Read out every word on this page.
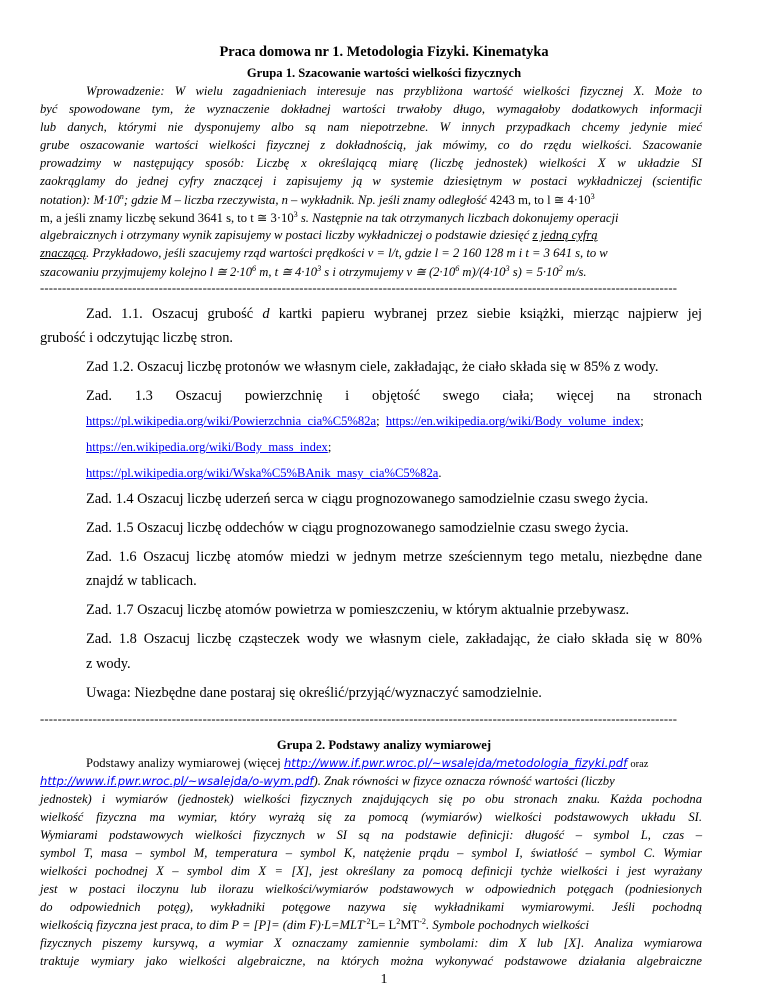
Praca domowa nr 1. Metodologia Fizyki. Kinematyka
Grupa 1. Szacowanie wartości wielkości fizycznych
Wprowadzenie: W wielu zagadnieniach interesuje nas przybliżona wartość wielkości fizycznej X. Może to
być spowodowane tym, że wyznaczenie dokładnej wartości trwałoby długo, wymagałoby dodatkowych informacji
lub danych, którymi nie dysponujemy albo są nam niepotrzebne. W innych przypadkach chcemy jedynie mieć
grube oszacowanie wartości wielkości fizycznej z dokładnością, jak mówimy, co do rzędu wielkości. Szacowanie
prowadzimy w następujący sposób: Liczbę x określającą miarę (liczbę jednostek) wielkości X w układzie SI
zaokrąglamy do jednej cyfry znaczącej i zapisujemy ją w systemie dziesiętnym w postaci wykładniczej (scientific
notation): $M\cdot 10^n$; gdzie M – liczba rzeczywista, n – wykładnik. Np. jeśli znamy odległość 4243 m, to l ≅ $4\cdot 10^3$
m, a jeśli znamy liczbę sekund 3641 s, to t ≅ $3\cdot 10^3$ s. Następnie na tak otrzymanych liczbach dokonujemy operacji
algebraicznych i otrzymany wynik zapisujemy w postaci liczby wykładniczej o podstawie dziesięć z jedną cyfrą
znaczącą. Przykładowo, jeśli szacujemy rząd wartości prędkości v = l/t, gdzie l = 2 160 128 m i t = 3 641 s, to w
szacowaniu przyjmujemy kolejno l ≅ $2\cdot 10^6$ m, t ≅ $4\cdot 10^3$ s i otrzymujemy v ≅ ($2\cdot 10^6$ $m)/(4\cdot 10^3$ $s) = 5\cdot 10^2$ m/s.
-------------------------------------------------------------------------------------------------------------------------------------------------
Zad. 1.1. Oszacuj grubość d kartki papieru wybranej przez siebie książki, mierząc najpierw jej
grubość i odczytując liczbę stron.
Zad 1.2. Oszacuj liczbę protonów we własnym ciele, zakładając, że ciało składa się w 85% z wody.
Zad. 1.3 Oszacuj powierzchnię i objętość swego ciała; więcej na stronach
https://pl.wikipedia.org/wiki/Powierzchnia_cia%C5%82a;  https://en.wikipedia.org/wiki/Body_volume_index;
https://en.wikipedia.org/wiki/Body_mass_index;
https://pl.wikipedia.org/wiki/Wska%C5%BAnik_masy_cia%C5%82a.
Zad. 1.4 Oszacuj liczbę uderzeń serca w ciągu prognozowanego samodzielnie czasu swego życia.
Zad. 1.5 Oszacuj liczbę oddechów w ciągu prognozowanego samodzielnie czasu swego życia.
Zad. 1.6 Oszacuj liczbę atomów miedzi w jednym metrze sześciennym tego metalu, niezbędne dane
znajdź w tablicach.
Zad. 1.7 Oszacuj liczbę atomów powietrza w pomieszczeniu, w którym aktualnie przebywasz.
Zad. 1.8 Oszacuj liczbę cząsteczek wody we własnym ciele, zakładając, że ciało składa się w 80%
z wody.
Uwaga: Niezbędne dane postaraj się określić/przyjąć/wyznaczyć samodzielnie.
-------------------------------------------------------------------------------------------------------------------------------------------------
Grupa 2. Podstawy analizy wymiarowej
Podstawy analizy wymiarowej (więcej http://www.if.pwr.wroc.pl/~wsalejda/metodologia_fizyki.pdf oraz
http://www.if.pwr.wroc.pl/~wsalejda/o-wym.pdf). Znak równości w fizyce oznacza równość wartości (liczby
jednostek) i wymiarów (jednostek) wielkości fizycznych znajdujących się po obu stronach znaku. Każda pochodna
wielkość fizyczna ma wymiar, który wyrażą się za pomocą (wymiarów) wielkości podstawowych układu SI.
Wymiarami podstawowych wielkości fizycznych w SI są na podstawie definicji: długość – symbol L, czas –
symbol T, masa – symbol M, temperatura – symbol K, natężenie prądu – symbol I, światłość – symbol C. Wymiar
wielkości pochodnej X – symbol dim X = [X], jest określany za pomocą definicji tychże wielkości i jest wyrażany
jest w postaci iloczynu lub ilorazu wielkości/wymiarów podstawowych w odpowiednich potęgach (podniesionych
do odpowiednich potęg), wykładniki potęgowe nazywa się wykładnikami wymiarowymi. Jeśli pochodną
wielkością fizyczna jest praca, to dim P = [P]= (dim $F)\cdot L=MLT^{-2}L= L^2MT^{-2}$. Symbole pochodnych wielkości
fizycznych piszemy kursywą, a wymiar X oznaczamy zamiennie symbolami: dim X lub [X]. Analiza wymiarowa
traktuje wymiary jako wielkości algebraiczne, na których można wykonywać podstawowe działania algebraiczne
1
